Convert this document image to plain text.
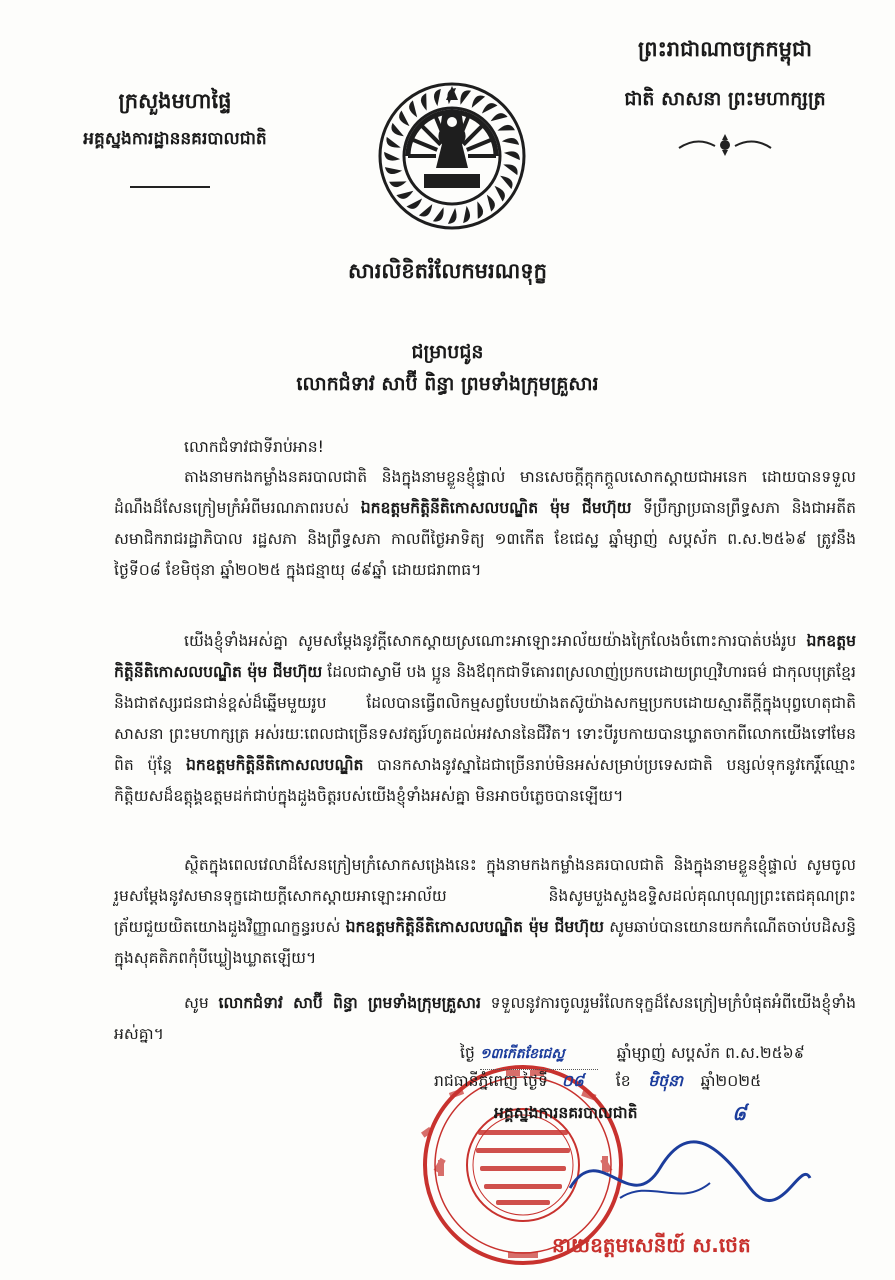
ក្រសួងមហាផ្ទៃ
អគ្គស្នងការដ្ឋាននគរបាលជាតិ
ព្រះរាជាណាចក្រកម្ពុជា
ជាតិ សាសនា ព្រះមហាក្សត្រ
សារលិខិតរំលែកមរណទុក្ខ
ជម្រាបជូន
លោកជំទាវ សាប៊ី ពិន្ធា ព្រមទាំងក្រុមគ្រួសារ
លោកជំទាវជាទីរាប់អាន!
តាងនាមកងកម្លាំងនគរបាលជាតិ និងក្នុងនាមខ្លួនខ្ញុំផ្ទាល់ មានសេចក្តីក្តុកក្តួលសោកស្តាយជាអនេក ដោយបានទទួលដំណឹងដ៏សែនក្រៀមក្រំអំពីមរណភាពរបស់ ឯកឧត្តមកិត្តិនីតិកោសលបណ្ឌិត ម៉ុម ជីមហ៊ុយ ទីប្រឹក្សាប្រធានព្រឹទ្ធសភា និងជាអតីតសមាជិករាជរដ្ឋាភិបាល រដ្ឋសភា និងព្រឹទ្ធសភា កាលពីថ្ងៃអាទិត្យ ១៣កើត ខែជេស្ឋ ឆ្នាំម្សាញ់ សប្តស័ក ព.ស.២៥៦៩ ត្រូវនឹងថ្ងៃទី០៨ ខែមិថុនា ឆ្នាំ២០២៥ ក្នុងជន្មាយុ ៨៩ឆ្នាំ ដោយជរាពាធ។
យើងខ្ញុំទាំងអស់គ្នា សូមសម្តែងនូវក្តីសោកស្តាយស្រណោះអាឡោះអាល័យយ៉ាងក្រៃលែងចំពោះការបាត់បង់រូប ឯកឧត្តមកិត្តិនីតិកោសលបណ្ឌិត ម៉ុម ជីមហ៊ុយ ដែលជាស្វាមី បង ប្អូន និងឪពុកជាទីគោរពស្រលាញ់ប្រកបដោយព្រហ្មវិហារធម៌ ជាកុលបុត្រខ្មែរ និងជាឥស្សរជនជាន់ខ្ពស់ដ៏ឆ្នើមមួយរូប ដែលបានធ្វើពលិកម្មសព្វបែបយ៉ាងតស៊ូយ៉ាងសកម្មប្រកបដោយស្មារតីក្តីក្នុងបុព្វហេតុជាតិ សាសនា ព្រះមហាក្សត្រ អស់រយៈពេលជាច្រើនទសវត្សរ៍ហូតដល់អវសាននៃជីវិត។ ទោះបីរូបកាយបានឃ្លាតចាកពីលោកយើងទៅមែនពិត ប៉ុន្តែ ឯកឧត្តមកិត្តិនីតិកោសលបណ្ឌិត បានកសាងនូវស្នាដៃជាច្រើនរាប់មិនអស់សម្រាប់ប្រទេសជាតិ បន្សល់ទុកនូវកេរ្តិ៍ឈ្មោះ កិត្តិយសដ៏ឧត្តុង្គឧត្តមដក់ជាប់ក្នុងដួងចិត្តរបស់យើងខ្ញុំទាំងអស់គ្នា មិនអាចបំភ្លេចបានឡើយ។
ស្ថិតក្នុងពេលវេលាដ៏សែនក្រៀមក្រំសោកសង្រេងនេះ ក្នុងនាមកងកម្លាំងនគរបាលជាតិ និងក្នុងនាមខ្លួនខ្ញុំផ្ទាល់ សូមចូលរួមសម្តែងនូវសមានទុក្ខដោយក្តីសោកស្តាយអាឡោះអាល័យ និងសូមបួងសួងឧទ្ទិសដល់គុណបុណ្យព្រះតេជគុណព្រះត្រ័យជួយយិតយោងដួងវិញ្ញាណក្ខន្ធរបស់ ឯកឧត្តមកិត្តិនីតិកោសលបណ្ឌិត ម៉ុម ជីមហ៊ុយ សូមឆាប់បានយោនយកកំណើតចាប់បដិសន្ធិក្នុងសុគតិភពកុំបីឃ្លៀងឃ្លាតឡើយ។
សូម លោកជំទាវ សាប៊ី ពិន្ធា ព្រមទាំងក្រុមគ្រួសារ ទទួលនូវការចូលរួមរំលែកទុក្ខដ៏សែនក្រៀមក្រំបំផុតអំពីយើងខ្ញុំទាំងអស់គ្នា។
ថ្ងៃ ១៣កើតខែជេស្ឋ	ឆ្នាំម្សាញ់ សប្តស័ក ព.ស.២៥៦៩
រាជធានីភ្នំពេញ ថ្ងៃទី ០៨ ខែ មិថុនា ឆ្នាំ២០២៥
អគ្គស្នងការនគរបាលជាតិ	៨
នាយឧត្តមសេនីយ៍ ស.ថេត
